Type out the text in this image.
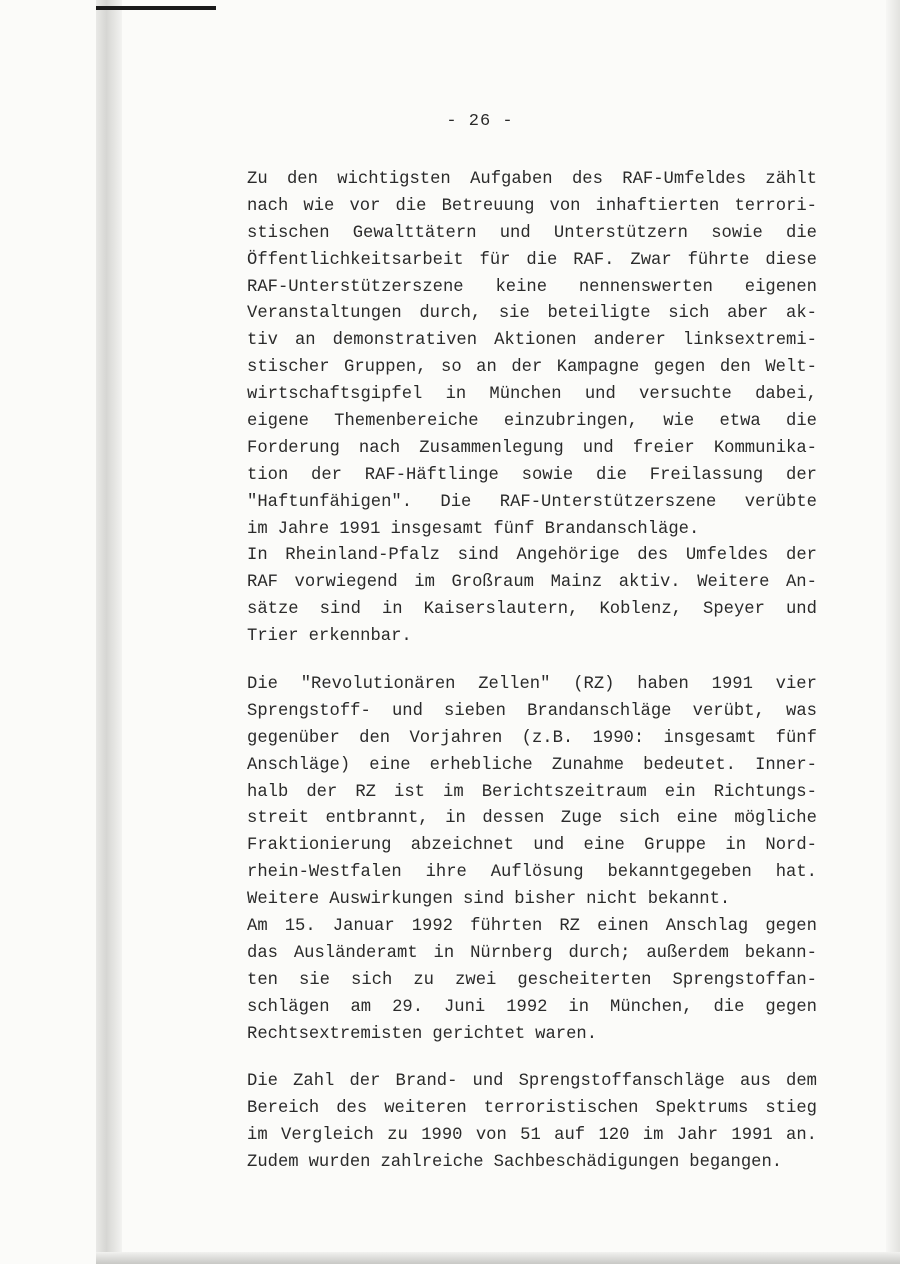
- 26 -
Zu den wichtigsten Aufgaben des RAF-Umfeldes zählt
nach wie vor die Betreuung von inhaftierten terrori-
stischen Gewalttätern und Unterstützern sowie die
Öffentlichkeitsarbeit für die RAF. Zwar führte diese
RAF-Unterstützerszene keine nennenswerten eigenen
Veranstaltungen durch, sie beteiligte sich aber ak-
tiv an demonstrativen Aktionen anderer linksextremi-
stischer Gruppen, so an der Kampagne gegen den Welt-
wirtschaftsgipfel in München und versuchte dabei,
eigene Themenbereiche einzubringen, wie etwa die
Forderung nach Zusammenlegung und freier Kommunika-
tion der RAF-Häftlinge sowie die Freilassung der
"Haftunfähigen". Die RAF-Unterstützerszene verübte
im Jahre 1991 insgesamt fünf Brandanschläge.
In Rheinland-Pfalz sind Angehörige des Umfeldes der
RAF vorwiegend im Großraum Mainz aktiv. Weitere An-
sätze sind in Kaiserslautern, Koblenz, Speyer und
Trier erkennbar.
Die "Revolutionären Zellen" (RZ) haben 1991 vier
Sprengstoff- und sieben Brandanschläge verübt, was
gegenüber den Vorjahren (z.B. 1990: insgesamt fünf
Anschläge) eine erhebliche Zunahme bedeutet. Inner-
halb der RZ ist im Berichtszeitraum ein Richtungs-
streit entbrannt, in dessen Zuge sich eine mögliche
Fraktionierung abzeichnet und eine Gruppe in Nord-
rhein-Westfalen ihre Auflösung bekanntgegeben hat.
Weitere Auswirkungen sind bisher nicht bekannt.
Am 15. Januar 1992 führten RZ einen Anschlag gegen
das Ausländeramt in Nürnberg durch; außerdem bekann-
ten sie sich zu zwei gescheiterten Sprengstoffan-
schlägen am 29. Juni 1992 in München, die gegen
Rechtsextremisten gerichtet waren.
Die Zahl der Brand- und Sprengstoffanschläge aus dem
Bereich des weiteren terroristischen Spektrums stieg
im Vergleich zu 1990 von 51 auf 120 im Jahr 1991 an.
Zudem wurden zahlreiche Sachbeschädigungen begangen.
